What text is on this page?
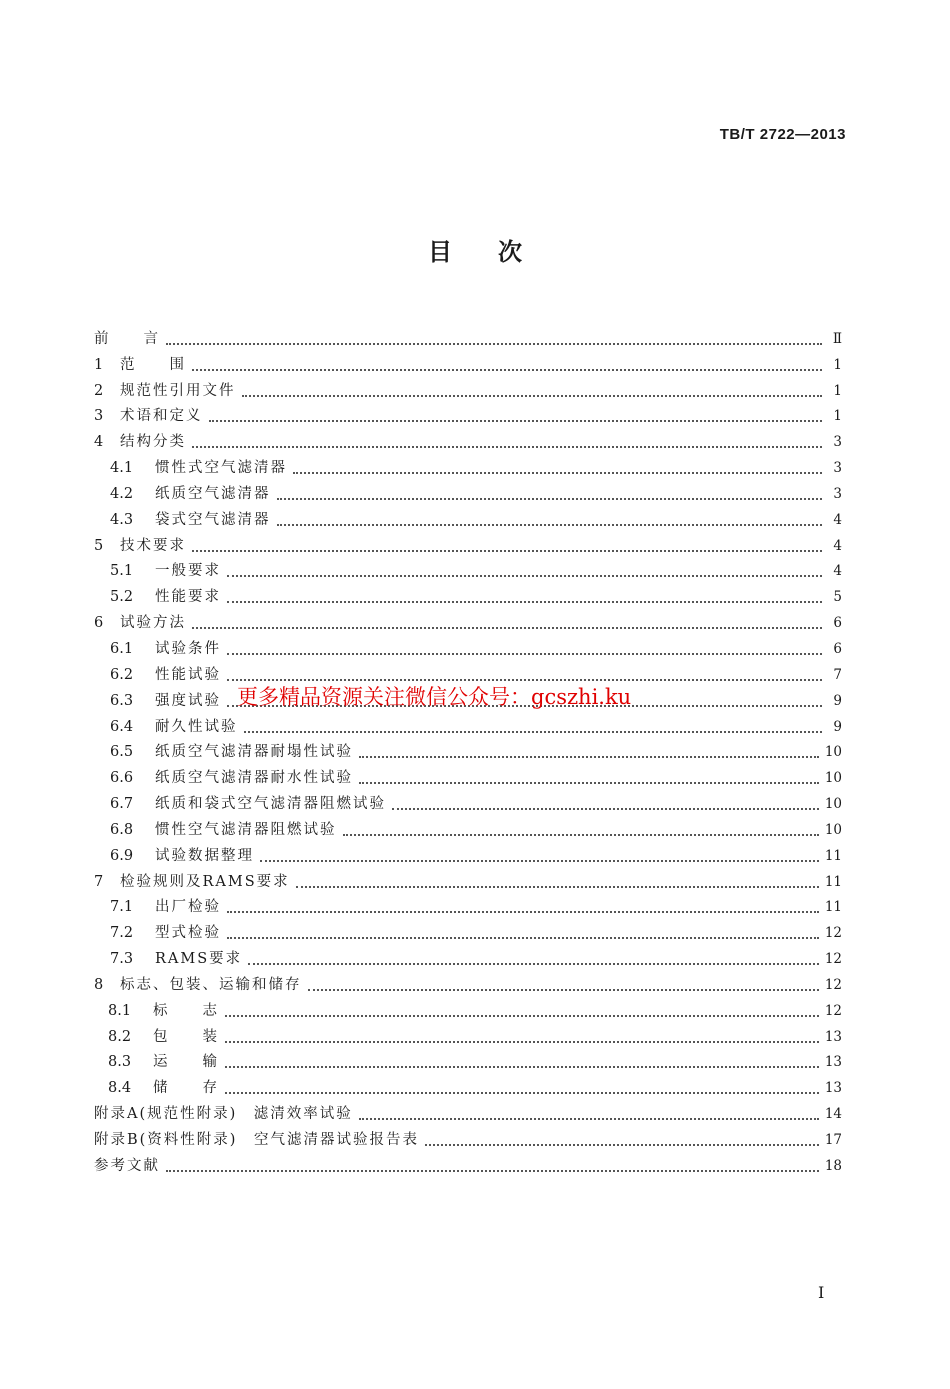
TB/T 2722—2013
目次
前　　言	Ⅱ
1	范　　围	1
2	规范性引用文件	1
3	术语和定义	1
4	结构分类	3
4.1	惯性式空气滤清器	3
4.2	纸质空气滤清器	3
4.3	袋式空气滤清器	4
5	技术要求	4
5.1	一般要求	4
5.2	性能要求	5
6	试验方法	6
6.1	试验条件	6
6.2	性能试验	7
6.3	强度试验	9
6.4	耐久性试验	9
6.5	纸质空气滤清器耐塌性试验	10
6.6	纸质空气滤清器耐水性试验	10
6.7	纸质和袋式空气滤清器阻燃试验	10
6.8	惯性空气滤清器阻燃试验	10
6.9	试验数据整理	11
7	检验规则及RAMS要求	11
7.1	出厂检验	11
7.2	型式检验	12
7.3	RAMS要求	12
8	标志、包装、运输和储存	12
8.1	标　　志	12
8.2	包　　装	13
8.3	运　　输	13
8.4	储　　存	13
附录A(规范性附录)　滤清效率试验	14
附录B(资料性附录)　空气滤清器试验报告表	17
参考文献	18
更多精品资源关注微信公众号：gcszhi.ku
I
